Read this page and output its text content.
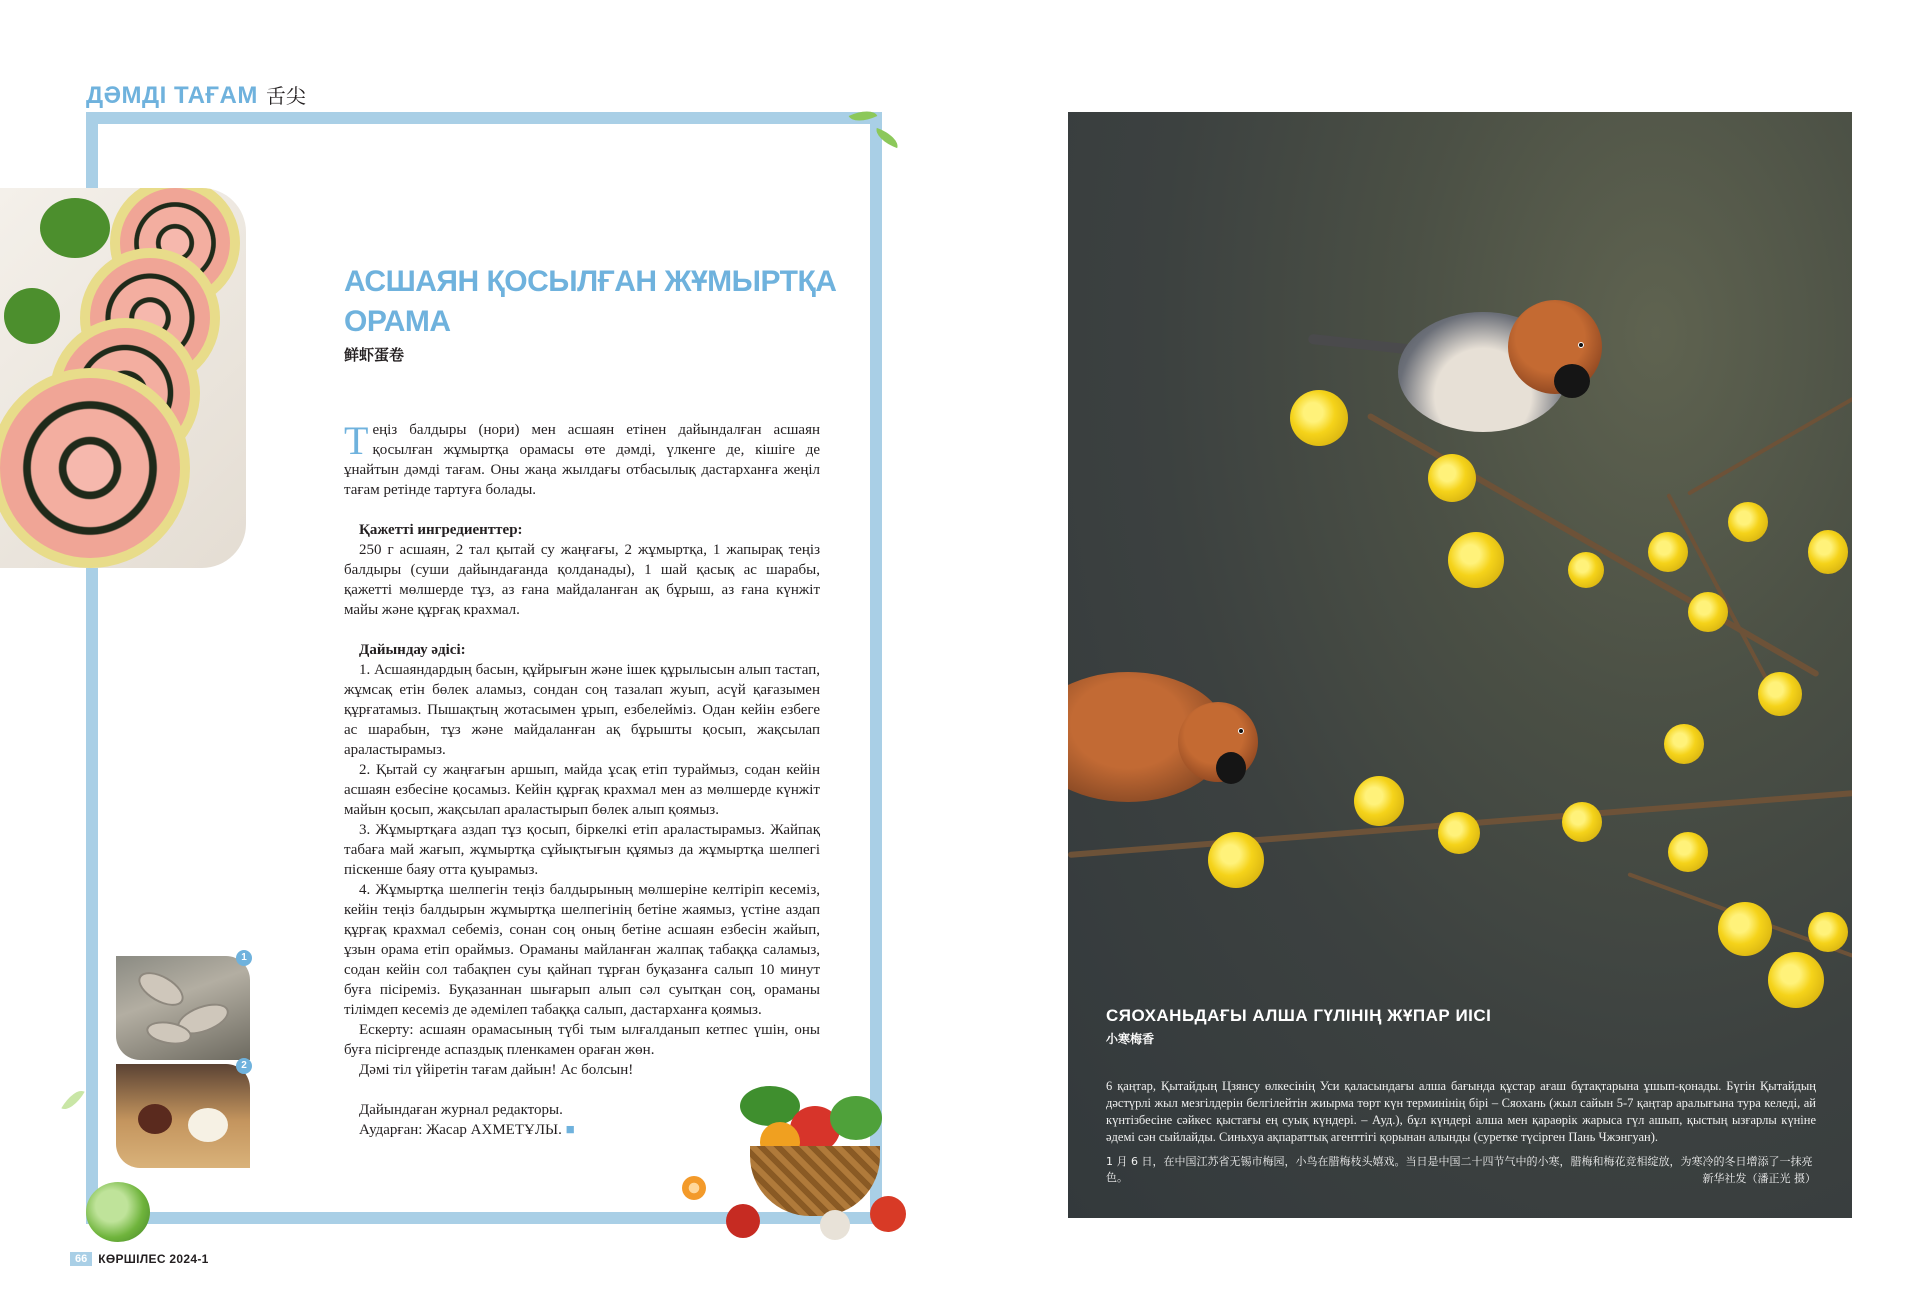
ДӘМДІ ТАҒАМ 舌尖
АСШАЯН ҚОСЫЛҒАН ЖҰМЫРТҚА ОРАМА
鲜虾蛋卷

Теңіз балдыры (нори) мен асшаян етінен дайындалған асшаян қосылған жұмыртқа орамасы өте дәмді, үлкенге де, кішіге де ұнайтын дәмді тағам. Оны жаңа жылдағы отбасылық дастарханға жеңіл тағам ретінде тартуға болады.

Қажетті ингредиенттер:

250 г асшаян, 2 тал қытай су жаңғағы, 2 жұмыртқа, 1 жапырақ теңіз балдыры (суши дайындағанда қолданады), 1 шай қасық ас шарабы, қажетті мөлшерде тұз, аз ғана майдаланған ақ бұрыш, аз ғана күнжіт майы және құрғақ крахмал.

Дайындау әдісі:

1. Асшаяндардың басын, құйрығын және ішек құрылысын алып тастап, жұмсақ етін бөлек аламыз, сондан соң тазалап жуып, асүй қағазымен құрғатамыз. Пышақтың жотасымен ұрып, езбелейміз. Одан кейін езбеге ас шарабын, тұз және майдаланған ақ бұрышты қосып, жақсылап араластырамыз.

2. Қытай су жаңғағын аршып, майда ұсақ етіп тураймыз, содан кейін асшаян езбесіне қосамыз. Кейін құрғақ крахмал мен аз мөлшерде күнжіт майын қосып, жақсылап араластырып бөлек алып қоямыз.

3. Жұмыртқаға аздап тұз қосып, біркелкі етіп араластырамыз. Жайпақ табаға май жағып, жұмыртқа сұйықтығын құямыз да жұмыртқа шелпегі піскенше баяу отта қуырамыз.

4. Жұмыртқа шелпегін теңіз балдырының мөлшеріне келтіріп кесеміз, кейін теңіз балдырын жұмыртқа шелпегінің бетіне жаямыз, үстіне аздап құрғақ крахмал себеміз, сонан соң оның бетіне асшаян езбесін жайып, ұзын орама етіп ораймыз. Ораманы майланған жалпақ табаққа саламыз, содан кейін сол табақпен суы қайнап тұрған буқазанға салып 10 минут буға пісіреміз. Буқазаннан шығарып алып сәл суытқан соң, ораманы тілімдеп кесеміз де әдемілеп табаққа салып, дастарханға қоямыз.

Ескерту: асшаян орамасының түбі тым ылғалданып кетпес үшін, оны буға пісіргенде аспаздық пленкамен ораған жөн.

Дәмі тіл үйіретін тағам дайын! Ас болсын!

Дайындаған журнал редакторы.

Аударған: Жасар АХМЕТҰЛЫ. ■

1
2
66 КӨРШІЛЕС 2024-1
СЯОХАНЬДАҒЫ АЛША ГҮЛІНІҢ ЖҰПАР ИІСІ
小寒梅香

6 қаңтар, Қытайдың Цзянсу өлкесінің Уси қаласындағы алша бағында құстар ағаш бұтақтарына ұшып-қонады. Бүгін Қытайдың дәстүрлі жыл мезгілдерін белгілейтін жиырма төрт күн терминінің бірі – Сяохань (жыл сайын 5-7 қаңтар аралығына тура келеді, ай күнтізбесіне сәйкес қыстағы ең суық күндері. – Ауд.), бұл күндері алша мен қараөрік жарыса гүл ашып, қыстың ызғарлы күніне әдемі сән сыйлайды. Синьхуа ақпараттық агенттігі қорынан алынды (суретке түсірген Пань Чжэнгуан).

1 月 6 日，在中国江苏省无锡市梅园，小鸟在腊梅枝头嬉戏。当日是中国二十四节气中的小寒，腊梅和梅花竞相绽放，为寒冷的冬日增添了一抹亮色。	新华社发（潘正光 摄）
